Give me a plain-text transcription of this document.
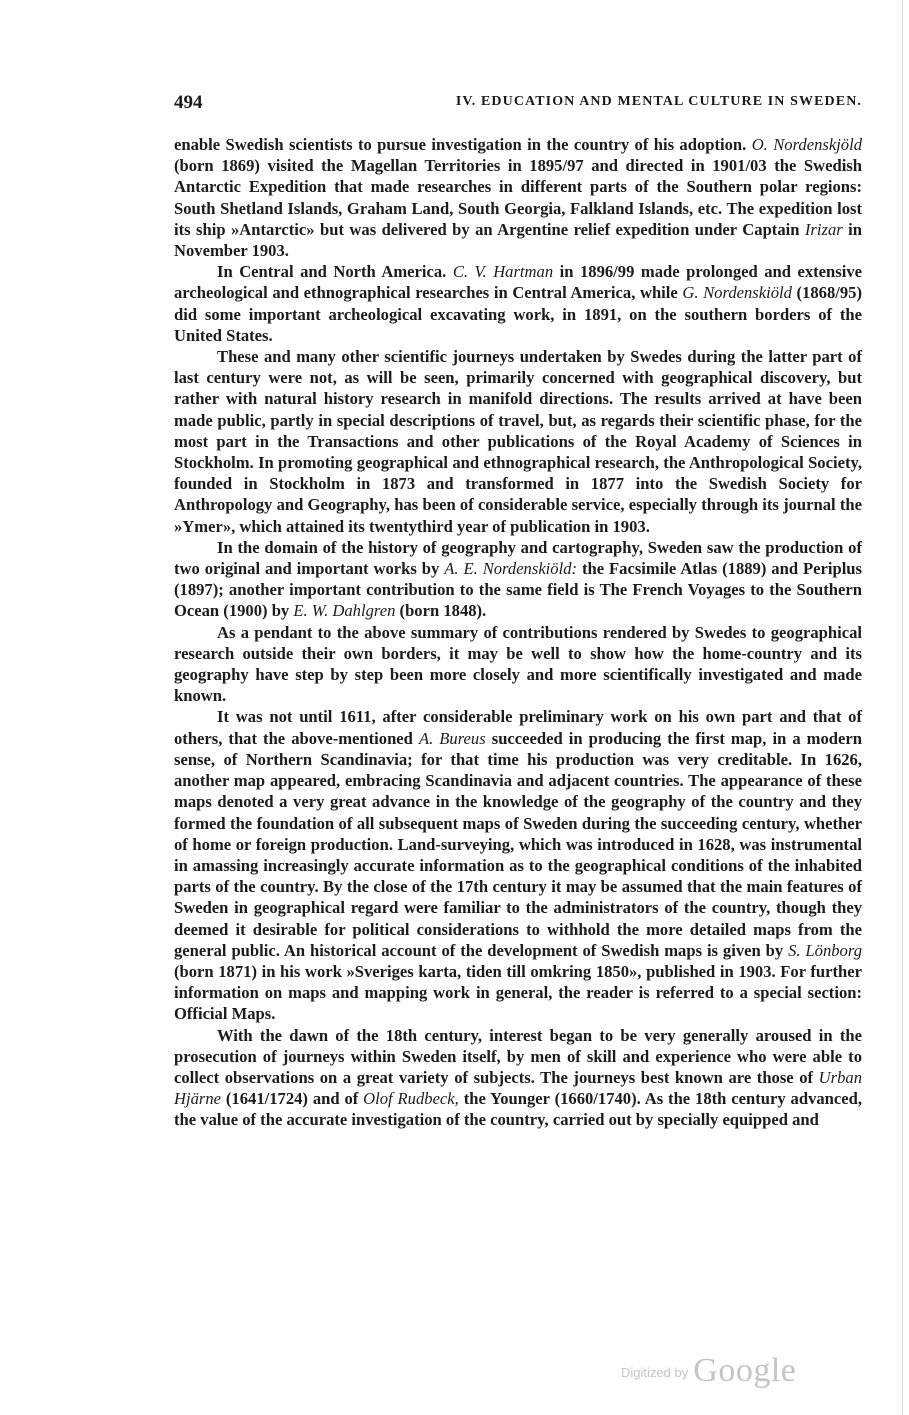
494	IV. EDUCATION AND MENTAL CULTURE IN SWEDEN.

enable Swedish scientists to pursue investigation in the country of his adoption. O. Nordenskjöld (born 1869) visited the Magellan Territories in 1895/97 and directed in 1901/03 the Swedish Antarctic Expedition that made researches in different parts of the Southern polar regions: South Shetland Islands, Graham Land, South Georgia, Falkland Islands, etc. The expedition lost its ship »Antarctic» but was delivered by an Argentine relief expedition under Captain Irizar in November 1903.

In Central and North America. C. V. Hartman in 1896/99 made prolonged and extensive archeological and ethnographical researches in Central America, while G. Nordenskiöld (1868/95) did some important archeological excavating work, in 1891, on the southern borders of the United States.

These and many other scientific journeys undertaken by Swedes during the latter part of last century were not, as will be seen, primarily concerned with geographical discovery, but rather with natural history research in manifold directions. The results arrived at have been made public, partly in special descriptions of travel, but, as regards their scientific phase, for the most part in the Transactions and other publications of the Royal Academy of Sciences in Stockholm. In promoting geographical and ethnographical research, the Anthropological Society, founded in Stockholm in 1873 and transformed in 1877 into the Swedish Society for Anthropology and Geography, has been of considerable service, especially through its journal the »Ymer», which attained its twentythird year of publication in 1903.

In the domain of the history of geography and cartography, Sweden saw the production of two original and important works by A. E. Nordenskiöld: the Facsimile Atlas (1889) and Periplus (1897); another important contribution to the same field is The French Voyages to the Southern Ocean (1900) by E. W. Dahlgren (born 1848).

As a pendant to the above summary of contributions rendered by Swedes to geographical research outside their own borders, it may be well to show how the home-country and its geography have step by step been more closely and more scientifically investigated and made known.

It was not until 1611, after considerable preliminary work on his own part and that of others, that the above-mentioned A. Bureus succeeded in producing the first map, in a modern sense, of Northern Scandinavia; for that time his production was very creditable. In 1626, another map appeared, embracing Scandinavia and adjacent countries. The appearance of these maps denoted a very great advance in the knowledge of the geography of the country and they formed the foundation of all subsequent maps of Sweden during the succeeding century, whether of home or foreign production. Land-surveying, which was introduced in 1628, was instrumental in amassing increasingly accurate information as to the geographical conditions of the inhabited parts of the country. By the close of the 17th century it may be assumed that the main features of Sweden in geographical regard were familiar to the administrators of the country, though they deemed it desirable for political considerations to withhold the more detailed maps from the general public. An historical account of the development of Swedish maps is given by S. Lönborg (born 1871) in his work »Sveriges karta, tiden till omkring 1850», published in 1903. For further information on maps and mapping work in general, the reader is referred to a special section: Official Maps.

With the dawn of the 18th century, interest began to be very generally aroused in the prosecution of journeys within Sweden itself, by men of skill and experience who were able to collect observations on a great variety of subjects. The journeys best known are those of Urban Hjärne (1641/1724) and of Olof Rudbeck, the Younger (1660/1740). As the 18th century advanced, the value of the accurate investigation of the country, carried out by specially equipped and

$^{Digitized by}$ Google
